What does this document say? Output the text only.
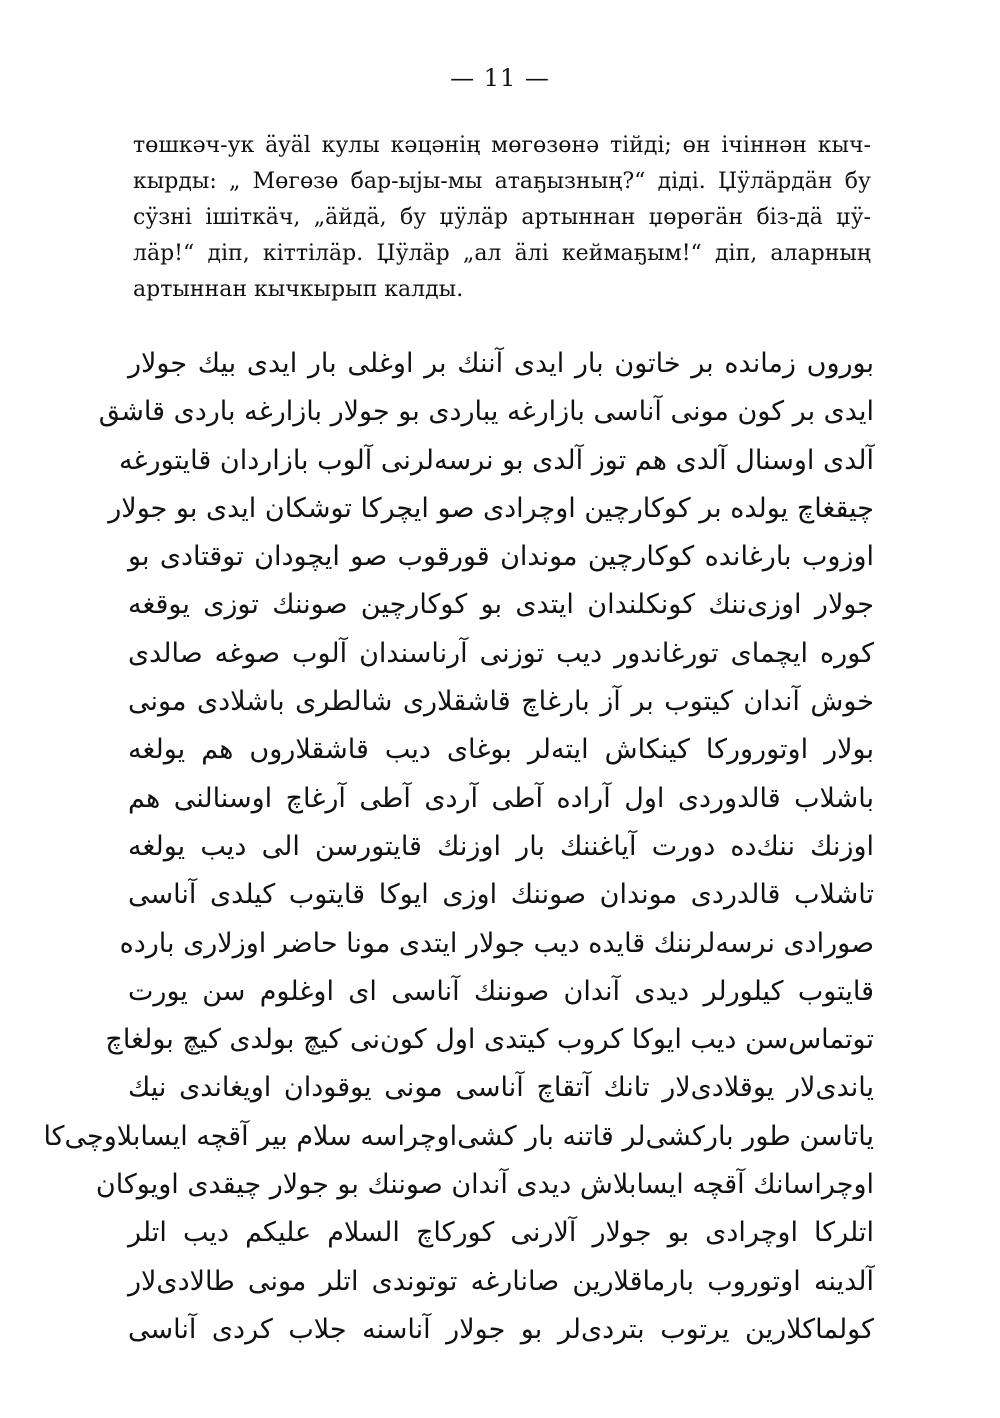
— 11 —
төшкәч-ук äyäl кулы кәцәнің мөгөзөнә тійді; өн ічіннән кыч-
кырды: „ Мөгөзө бар-ыjы-мы атаҕызның?“ діді. Џӱлäрдäн бу
сӱзні ішіткäч, „äйдä, бу џӱлäр артыннан џөрөгäн біз-дä џӱ-
лäр!“ діп, кіттілäр. Џӱлäр „ал äлі кеймаҕым!“ діп, аларның
артыннан кычкырып калды.
بوروں زمانده بر خاتون بار ایدی آننك بر اوغلی بار ایدی بيك جولار
ایدی بر کون مونی آناسی بازارغه یباردی بو جولار بازارغه باردی قاشق
آلدی اوسنال آلدی هم توز آلدی بو نرسه‌لرنی آلوب بازاردان قایتورغه
چیقغاچ یولده بر کوکارچین اوچرادی صو ایچرکا توشکان ایدی بو جولار
اوزوب بارغانده کوکارچین موندان قورقوب صو ایچودان توقتادی بو
جولار اوزی‌ننك کونکلندان ایتدی بو کوکارچین صوننك توزی یوقغه
کوره ایچمای تورغاندور دیب توزنی آرناسندان آلوب صوغه صالدی
خوش آندان کیتوب بر آز بارغاچ قاشقلاری شالطری باشلادی مونی
بولار اوتورورکا کینکاش ایته‌لر بوغای دیب قاشقلاروں هم یولغه
باشلاب قالدوردی اول آراده آطی آردی آطی آرغاچ اوسنالنی هم
اوزنك ننك‌ده دورت آیاغننك بار اوزنك قایتورسن الی دیب یولغه
تاشلاب قالدردی موندان صوننك اوزی ایوکا قایتوب کیلدی آناسی
صورادی نرسه‌لرننك قایده دیب جولار ایتدی مونا حاضر اوزلاری بارده
قایتوب کیلورلر دیدی آندان صوننك آناسی ای اوغلوم سن یورت
توتماس‌سن دیب ایوکا کروب کیتدی اول کون‌نی کیچ بولدی کیچ بولغاچ
یاندی‌لار یوقلادی‌لار تانك آتقاچ آناسی مونی یوقودان اویغاندی نیك
یاتاسن طور بارکشی‌لر قاتنه بار کشی‌اوچراسه سلام بیر آقچه ایسابلاوچی‌کا
اوچراسانك آقچه ایسابلاش دیدی آندان صوننك بو جولار چیقدی اویوکان
اتلرکا اوچرادی بو جولار آلارنی کورکاچ السلام علیکم دیب اتلر
آلدینه اوتوروب بارماقلارین صانارغه توتوندی اتلر مونی طالادی‌لار
کولماکلارین یرتوب بتردی‌لر بو جولار آناسنه جلاب کردی آناسی
